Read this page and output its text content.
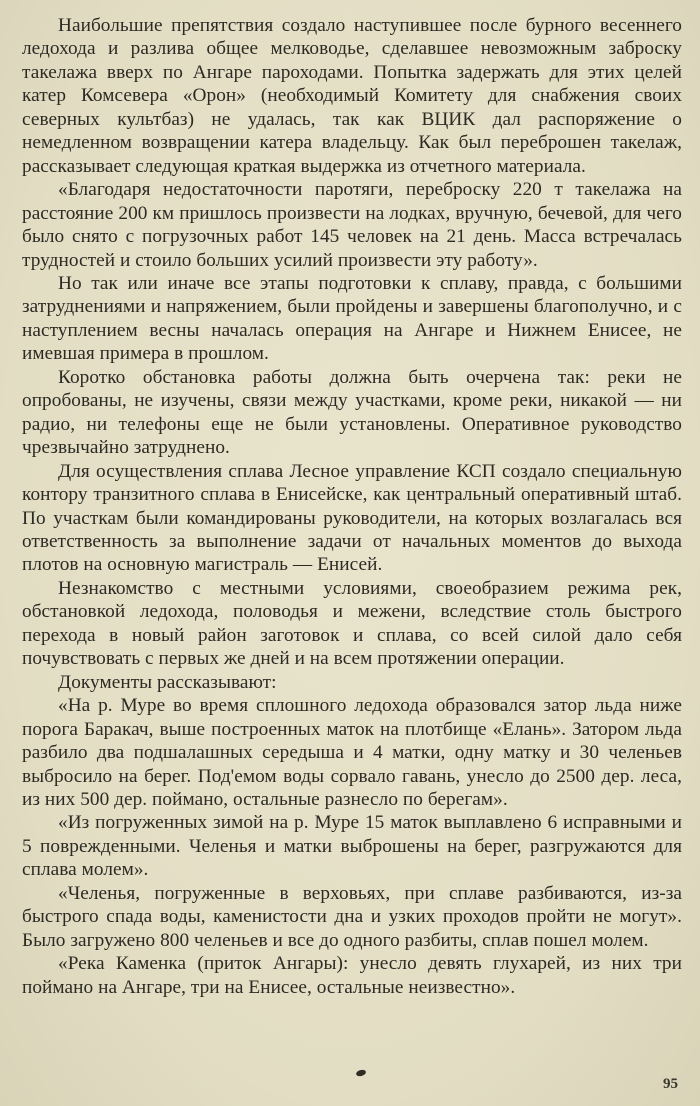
Наибольшие препятствия создало наступившее после бурного весеннего ледохода и разлива общее мелководье, сделавшее невозможным заброску такелажа вверх по Ангаре пароходами. Попытка задержать для этих целей катер Комсевера «Орон» (необходимый Комитету для снабжения своих северных культбаз) не удалась, так как ВЦИК дал распоряжение о немедленном возвращении катера владельцу. Как был переброшен такелаж, рассказывает следующая краткая выдержка из отчетного материала.

«Благодаря недостаточности паротяги, переброску 220 т такелажа на расстояние 200 км пришлось произвести на лодках, вручную, бечевой, для чего было снято с погрузочных работ 145 человек на 21 день. Масса встречалась трудностей и стоило больших усилий произвести эту работу».

Но так или иначе все этапы подготовки к сплаву, правда, с большими затруднениями и напряжением, были пройдены и завершены благополучно, и с наступлением весны началась операция на Ангаре и Нижнем Енисее, не имевшая примера в прошлом.

Коротко обстановка работы должна быть очерчена так: реки не опробованы, не изучены, связи между участками, кроме реки, никакой — ни радио, ни телефоны еще не были установлены. Оперативное руководство чрезвычайно затруднено.

Для осуществления сплава Лесное управление КСП создало специальную контору транзитного сплава в Енисейске, как центральный оперативный штаб. По участкам были командированы руководители, на которых возлагалась вся ответственность за выполнение задачи от начальных моментов до выхода плотов на основную магистраль — Енисей.

Незнакомство с местными условиями, своеобразием режима рек, обстановкой ледохода, половодья и межени, вследствие столь быстрого перехода в новый район заготовок и сплава, со всей силой дало себя почувствовать с первых же дней и на всем протяжении операции.

Документы рассказывают:

«На р. Муре во время сплошного ледохода образовался затор льда ниже порога Баракач, выше построенных маток на плотбище «Елань». Затором льда разбило два подшалашных середыша и 4 матки, одну матку и 30 челеньев выбросило на берег. Под'емом воды сорвало гавань, унесло до 2500 дер. леса, из них 500 дер. поймано, остальные разнесло по берегам».

«Из погруженных зимой на р. Муре 15 маток выплавлено 6 исправными и 5 поврежденными. Челенья и матки выброшены на берег, разгружаются для сплава молем».

«Челенья, погруженные в верховьях, при сплаве разбиваются, из-за быстрого спада воды, каменистости дна и узких проходов пройти не могут». Было загружено 800 челеньев и все до одного разбиты, сплав пошел молем.

«Река Каменка (приток Ангары): унесло девять глухарей, из них три поймано на Ангаре, три на Енисее, остальные неизвестно».

95
